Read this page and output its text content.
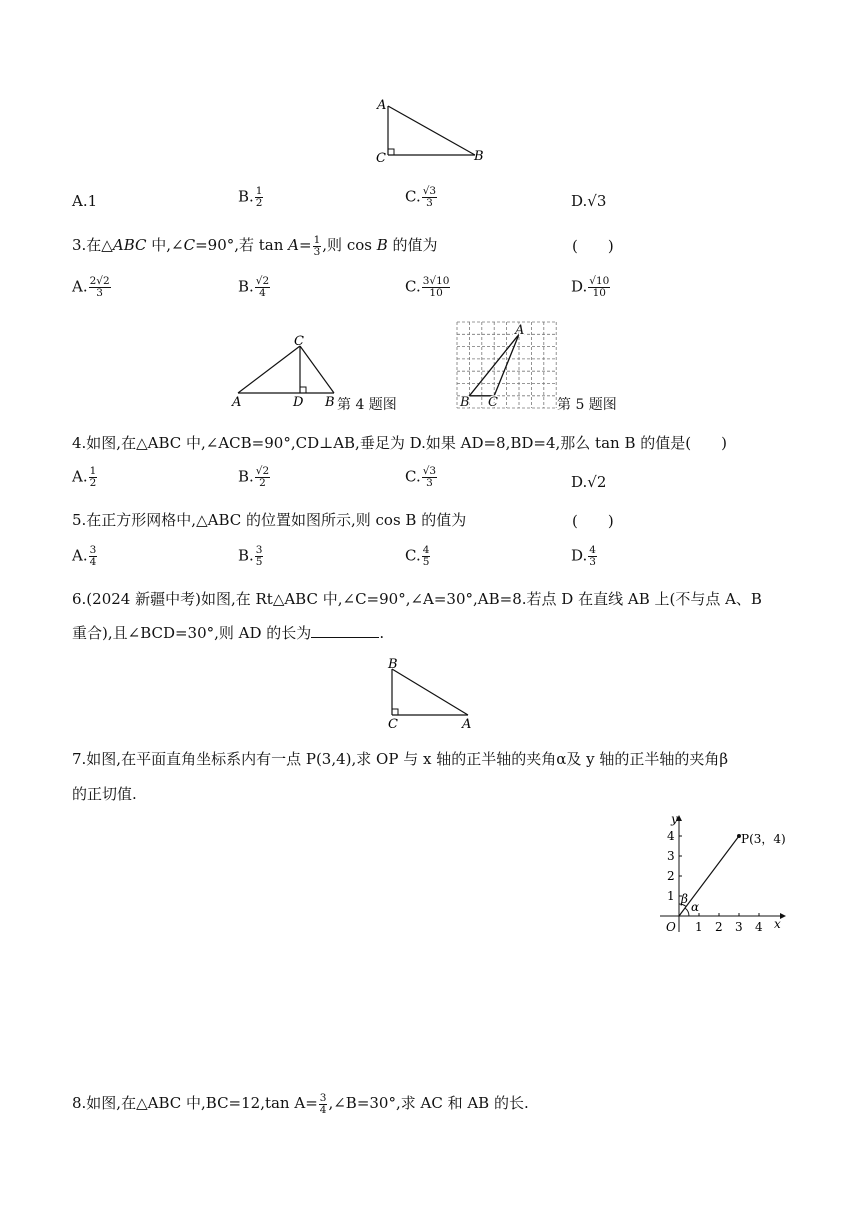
A
C	B
A.1	B. $\frac{1}{2}$	C. $\frac{√3}{3}$	D.√3
3.在△ABC 中,∠C=90°,若 $\tan A= \frac{1}{3}$ ,则 cos B 的值为	(　　)
A. $\frac{2√2}{3}$	B. $\frac{√2}{4}$	C. $\frac{3√10}{10}$	D. $\frac{√10}{10}$
C
A	D B 第 4 题图
A
B C	第 5 题图
4.如图,在△ABC 中,∠ACB=90°,CD⊥AB,垂足为 D.如果 AD=8,BD=4,那么 tan B 的值是(　　)
A. $\frac{1}{2}$	B. $\frac{√2}{2}$	C. $\frac{√3}{3}$	D.√2
5.在正方形网格中,△ABC 的位置如图所示,则 cos B 的值为	(　　)
A. $\frac{3}{4}$	B. $\frac{3}{5}$	C. $\frac{4}{5}$	D. $\frac{4}{3}$
6.(2024 新疆中考)如图,在 Rt△ABC 中,∠C=90°,∠A=30°,AB=8.若点 D 在直线 AB 上(不与点 A、B
重合),且∠BCD=30°,则 AD 的长为	.
B
C	A
7.如图,在平面直角坐标系内有一点 P(3,4),求 OP 与 x 轴的正半轴的夹角α及 y 轴的正半轴的夹角β
的正切值.
P(3，4)
O	x
y
α
β
1 2 3 4
1
2
3
4
8.如图,在△ABC 中,BC=12,tan $A= \frac{3}{4}$ ,∠B=30°,求 AC 和 AB 的长.
